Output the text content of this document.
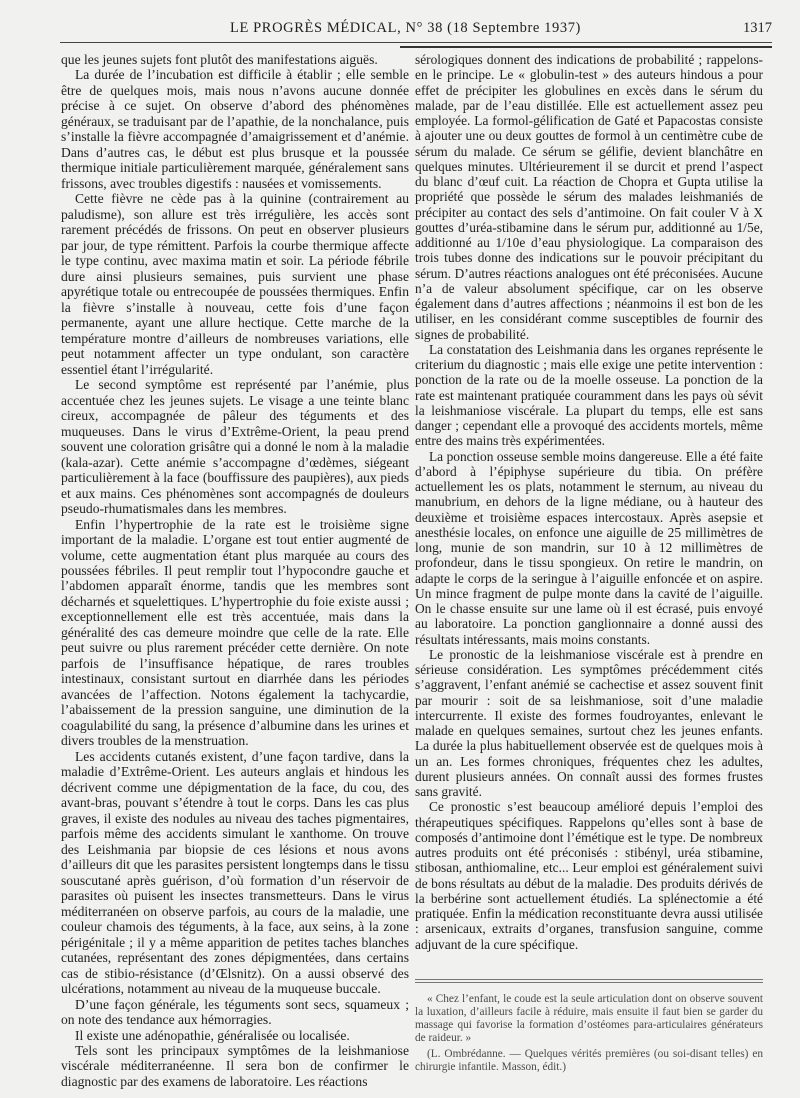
LE PROGRÈS MÉDICAL, N° 38 (18 Septembre 1937)	1317

que les jeunes sujets font plutôt des manifestations aiguës.

La durée de l’incubation est difficile à établir ; elle semble être de quelques mois, mais nous n’avons aucune donnée précise à ce sujet. On observe d’abord des phénomènes généraux, se traduisant par de l’apathie, de la nonchalance, puis s’installe la fièvre accompagnée d’amaigrissement et d’anémie. Dans d’autres cas, le début est plus brusque et la poussée thermique initiale particulièrement marquée, généralement sans frissons, avec troubles digestifs : nausées et vomissements.

Cette fièvre ne cède pas à la quinine (contrairement au paludisme), son allure est très irrégulière, les accès sont rarement précédés de frissons. On peut en observer plusieurs par jour, de type rémittent. Parfois la courbe thermique affecte le type continu, avec maxima matin et soir. La période fébrile dure ainsi plusieurs semaines, puis survient une phase apyrétique totale ou entrecoupée de poussées thermiques. Enfin la fièvre s’installe à nouveau, cette fois d’une façon permanente, ayant une allure hectique. Cette marche de la température montre d’ailleurs de nombreuses variations, elle peut notamment affecter un type ondulant, son caractère essentiel étant l’irrégularité.

Le second symptôme est représenté par l’anémie, plus accentuée chez les jeunes sujets. Le visage a une teinte blanc cireux, accompagnée de pâleur des téguments et des muqueuses. Dans le virus d’Extrême-Orient, la peau prend souvent une coloration grisâtre qui a donné le nom à la maladie (kala-azar). Cette anémie s’accompagne d’œdèmes, siégeant particulièrement à la face (bouffissure des paupières), aux pieds et aux mains. Ces phénomènes sont accompagnés de douleurs pseudo-rhumatismales dans les membres.

Enfin l’hypertrophie de la rate est le troisième signe important de la maladie. L’organe est tout entier augmenté de volume, cette augmentation étant plus marquée au cours des poussées fébriles. Il peut remplir tout l’hypocondre gauche et l’abdomen apparaît énorme, tandis que les membres sont décharnés et squelettiques. L’hypertrophie du foie existe aussi ; exceptionnellement elle est très accentuée, mais dans la généralité des cas demeure moindre que celle de la rate. Elle peut suivre ou plus rarement précéder cette dernière. On note parfois de l’insuffisance hépatique, de rares troubles intestinaux, consistant surtout en diarrhée dans les périodes avancées de l’affection. Notons également la tachycardie, l’abaissement de la pression sanguine, une diminution de la coagulabilité du sang, la présence d’albumine dans les urines et divers troubles de la menstruation.

Les accidents cutanés existent, d’une façon tardive, dans la maladie d’Extrême-Orient. Les auteurs anglais et hindous les décrivent comme une dépigmentation de la face, du cou, des avant-bras, pouvant s’étendre à tout le corps. Dans les cas plus graves, il existe des nodules au niveau des taches pigmentaires, parfois même des accidents simulant le xanthome. On trouve des Leishmania par biopsie de ces lésions et nous avons d’ailleurs dit que les parasites persistent longtemps dans le tissu souscutané après guérison, d’où formation d’un réservoir de parasites où puisent les insectes transmetteurs. Dans le virus méditerranéen on observe parfois, au cours de la maladie, une couleur chamois des téguments, à la face, aux seins, à la zone périgénitale ; il y a même apparition de petites taches blanches cutanées, représentant des zones dépigmentées, dans certains cas de stibio-résistance (d’Œlsnitz). On a aussi observé des ulcérations, notamment au niveau de la muqueuse buccale.

D’une façon générale, les téguments sont secs, squameux ; on note des tendance aux hémorragies.

Il existe une adénopathie, généralisée ou localisée.

Tels sont les principaux symptômes de la leishmaniose viscérale méditerranéenne. Il sera bon de confirmer le diagnostic par des examens de laboratoire. Les réactions

sérologiques donnent des indications de probabilité ; rappelons-en le principe. Le « globulin-test » des auteurs hindous a pour effet de précipiter les globulines en excès dans le sérum du malade, par de l’eau distillée. Elle est actuellement assez peu employée. La formol-gélification de Gaté et Papacostas consiste à ajouter une ou deux gouttes de formol à un centimètre cube de sérum du malade. Ce sérum se gélifie, devient blanchâtre en quelques minutes. Ultérieurement il se durcit et prend l’aspect du blanc d’œuf cuit. La réaction de Chopra et Gupta utilise la propriété que possède le sérum des malades leishmaniés de précipiter au contact des sels d’antimoine. On fait couler V à X gouttes d’uréa-stibamine dans le sérum pur, additionné au 1/5e, additionné au 1/10e d’eau physiologique. La comparaison des trois tubes donne des indications sur le pouvoir précipitant du sérum. D’autres réactions analogues ont été préconisées. Aucune n’a de valeur absolument spécifique, car on les observe également dans d’autres affections ; néanmoins il est bon de les utiliser, en les considérant comme susceptibles de fournir des signes de probabilité.

La constatation des Leishmania dans les organes représente le criterium du diagnostic ; mais elle exige une petite intervention : ponction de la rate ou de la moelle osseuse. La ponction de la rate est maintenant pratiquée couramment dans les pays où sévit la leishmaniose viscérale. La plupart du temps, elle est sans danger ; cependant elle a provoqué des accidents mortels, même entre des mains très expérimentées.

La ponction osseuse semble moins dangereuse. Elle a été faite d’abord à l’épiphyse supérieure du tibia. On préfère actuellement les os plats, notamment le sternum, au niveau du manubrium, en dehors de la ligne médiane, ou à hauteur des deuxième et troisième espaces intercostaux. Après asepsie et anesthésie locales, on enfonce une aiguille de 25 millimètres de long, munie de son mandrin, sur 10 à 12 millimètres de profondeur, dans le tissu spongieux. On retire le mandrin, on adapte le corps de la seringue à l’aiguille enfoncée et on aspire. Un mince fragment de pulpe monte dans la cavité de l’aiguille. On le chasse ensuite sur une lame où il est écrasé, puis envoyé au laboratoire. La ponction ganglionnaire a donné aussi des résultats intéressants, mais moins constants.

Le pronostic de la leishmaniose viscérale est à prendre en sérieuse considération. Les symptômes précédemment cités s’aggravent, l’enfant anémié se cachectise et assez souvent finit par mourir : soit de sa leishmaniose, soit d’une maladie intercurrente. Il existe des formes foudroyantes, enlevant le malade en quelques semaines, surtout chez les jeunes enfants. La durée la plus habituellement observée est de quelques mois à un an. Les formes chroniques, fréquentes chez les adultes, durent plusieurs années. On connaît aussi des formes frustes sans gravité.

Ce pronostic s’est beaucoup amélioré depuis l’emploi des thérapeutiques spécifiques. Rappelons qu’elles sont à base de composés d’antimoine dont l’émétique est le type. De nombreux autres produits ont été préconisés : stibényl, uréa stibamine, stibosan, anthiomaline, etc... Leur emploi est généralement suivi de bons résultats au début de la maladie. Des produits dérivés de la berbérine sont actuellement étudiés. La splénectomie a été pratiquée. Enfin la médication reconstituante devra aussi utilisée : arsenicaux, extraits d’organes, transfusion sanguine, comme adjuvant de la cure spécifique.

« Chez l’enfant, le coude est la seule articulation dont on observe souvent la luxation, d’ailleurs facile à réduire, mais ensuite il faut bien se garder du massage qui favorise la formation d’ostéomes para-articulaires générateurs de raideur. »
(L. Ombrédanne. — Quelques vérités premières (ou soi-disant telles) en chirurgie infantile. Masson, édit.)
